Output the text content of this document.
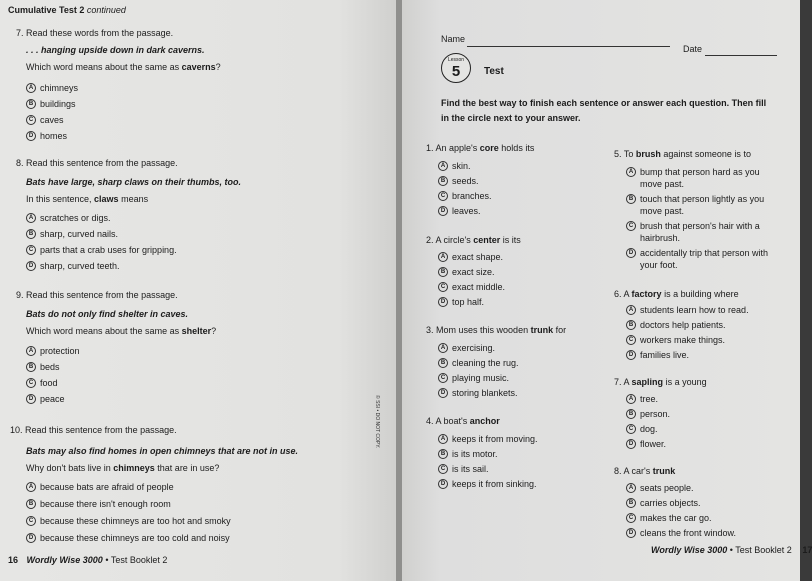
Cumulative Test 2 continued
7. Read these words from the passage.
. . . hanging upside down in dark caverns.
Which word means about the same as caverns?
A chimneys
B buildings
C caves
D homes
8. Read this sentence from the passage.
Bats have large, sharp claws on their thumbs, too.
In this sentence, claws means
A scratches or digs.
B sharp, curved nails.
C parts that a crab uses for gripping.
D sharp, curved teeth.
9. Read this sentence from the passage.
Bats do not only find shelter in caves.
Which word means about the same as shelter?
A protection
B beds
C food
D peace
10. Read this sentence from the passage.
Bats may also find homes in open chimneys that are not in use.
Why don't bats live in chimneys that are in use?
A because bats are afraid of people
B because there isn't enough room
C because these chimneys are too hot and smoky
D because these chimneys are too cold and noisy
16 Wordly Wise 3000 • Test Booklet 2
Name
Date
Lesson
5	Test
Find the best way to finish each sentence or answer each question. Then fill
in the circle next to your answer.
© SSI • DO NOT COPY.
1. An apple's core holds its
A skin.
B seeds.
C branches.
D leaves.
2. A circle's center is its
A exact shape.
B exact size.
C exact middle.
D top half.
3. Mom uses this wooden trunk for
A exercising.
B cleaning the rug.
C playing music.
D storing blankets.
4. A boat's anchor
A keeps it from moving.
B is its motor.
C is its sail.
D keeps it from sinking.
5. To brush against someone is to
A bump that person hard as you
move past.
B touch that person lightly as you
move past.
C brush that person's hair with a
hairbrush.
D accidentally trip that person with
your foot.
6. A factory is a building where
A students learn how to read.
B doctors help patients.
C workers make things.
D families live.
7. A sapling is a young
A tree.
B person.
C dog.
D flower.
8. A car's trunk
A seats people.
B carries objects.
C makes the car go.
D cleans the front window.
Wordly Wise 3000 • Test Booklet 2 17
